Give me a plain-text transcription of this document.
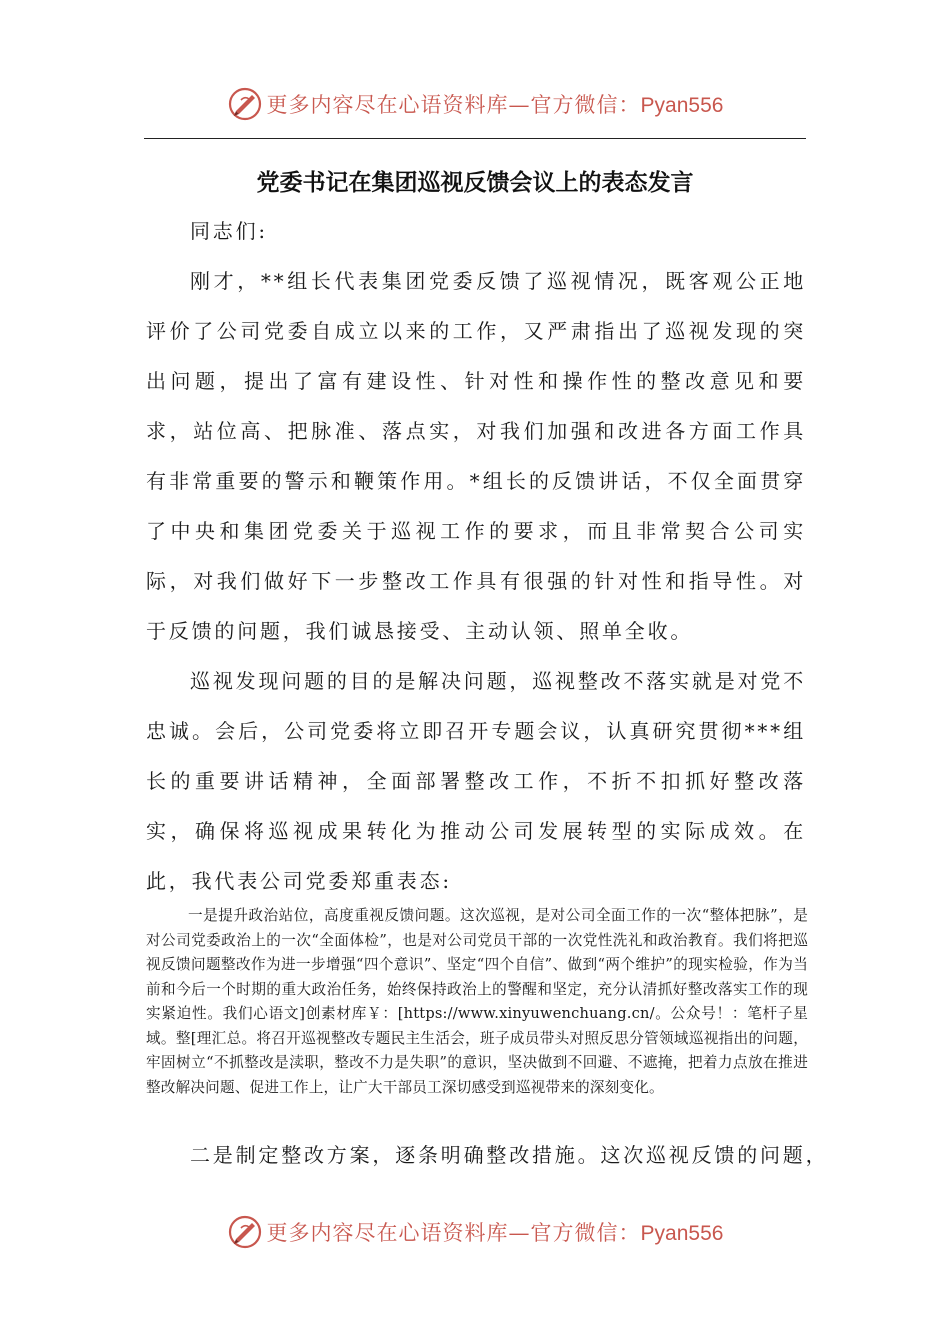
更多内容尽在心语资料库—官方微信：Pyan556
党委书记在集团巡视反馈会议上的表态发言

同志们:

刚才，**组长代表集团党委反馈了巡视情况，既客观公正地评价了公司党委自成立以来的工作，又严肃指出了巡视发现的突出问题，提出了富有建设性、针对性和操作性的整改意见和要求，站位高、把脉准、落点实，对我们加强和改进各方面工作具有非常重要的警示和鞭策作用。*组长的反馈讲话，不仅全面贯穿了中央和集团党委关于巡视工作的要求，而且非常契合公司实际，对我们做好下一步整改工作具有很强的针对性和指导性。对于反馈的问题，我们诚恳接受、主动认领、照单全收。

巡视发现问题的目的是解决问题，巡视整改不落实就是对党不忠诚。会后，公司党委将立即召开专题会议，认真研究贯彻***组长的重要讲话精神，全面部署整改工作，不折不扣抓好整改落实，确保将巡视成果转化为推动公司发展转型的实际成效。在此，我代表公司党委郑重表态:

一是提升政治站位，高度重视反馈问题。这次巡视，是对公司全面工作的一次“整体把脉”，是对公司党委政治上的一次“全面体检”，也是对公司党员干部的一次党性洗礼和政治教育。我们将把巡视反馈问题整改作为进一步增强“四个意识”、坚定“四个自信”、做到“两个维护”的现实检验，作为当前和今后一个时期的重大政治任务，始终保持政治上的警醒和坚定，充分认清抓好整改落实工作的现实紧迫性。我们心语文]创素材库￥：[https://www.xinyuwenchuang.cn/。公众号！：笔杆子星域。整[理汇总。将召开巡视整改专题民主生活会，班子成员带头对照反思分管领域巡视指出的问题，牢固树立“不抓整改是渎职，整改不力是失职”的意识，坚决做到不回避、不遮掩，把着力点放在推进整改解决问题、促进工作上，让广大干部员工深切感受到巡视带来的深刻变化。
二是制定整改方案，逐条明确整改措施。这次巡视反馈的问题，
更多内容尽在心语资料库—官方微信：Pyan556
